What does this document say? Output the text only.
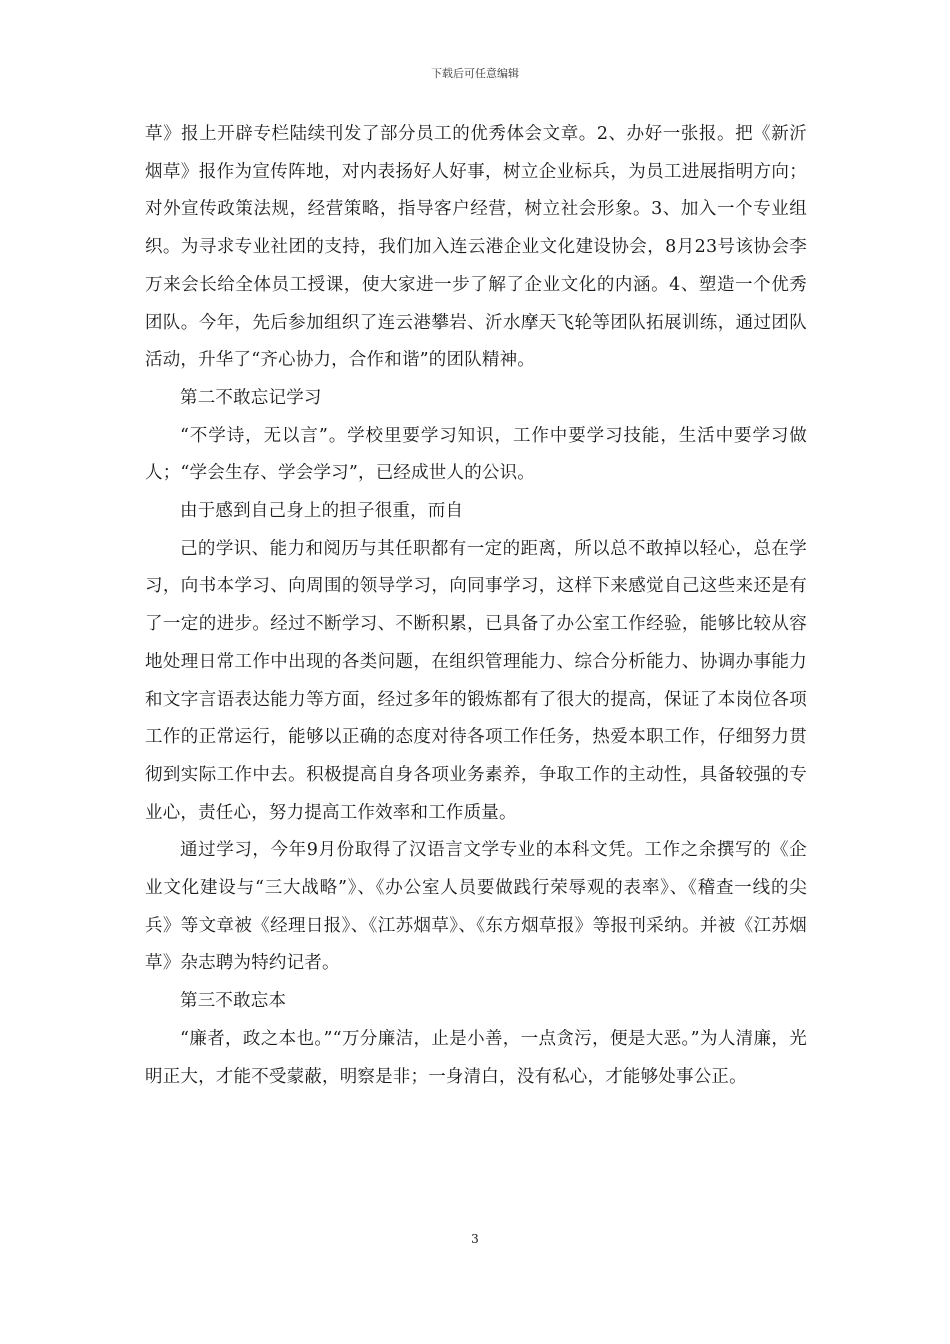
下载后可任意编辑

草》报上开辟专栏陆续刊发了部分员工的优秀体会文章。2、办好一张报。把《新沂烟草》报作为宣传阵地，对内表扬好人好事，树立企业标兵，为员工进展指明方向；对外宣传政策法规，经营策略，指导客户经营，树立社会形象。3、加入一个专业组织。为寻求专业社团的支持，我们加入连云港企业文化建设协会，8月23号该协会李万来会长给全体员工授课，使大家进一步了解了企业文化的内涵。4、塑造一个优秀团队。今年，先后参加组织了连云港攀岩、沂水摩天飞轮等团队拓展训练，通过团队活动，升华了“齐心协力，合作和谐”的团队精神。

第二不敢忘记学习

“不学诗，无以言”。学校里要学习知识，工作中要学习技能，生活中要学习做人；“学会生存、学会学习”，已经成世人的公识。

由于感到自己身上的担子很重，而自

己的学识、能力和阅历与其任职都有一定的距离，所以总不敢掉以轻心，总在学习，向书本学习、向周围的领导学习，向同事学习，这样下来感觉自己这些来还是有了一定的进步。经过不断学习、不断积累，已具备了办公室工作经验，能够比较从容地处理日常工作中出现的各类问题，在组织管理能力、综合分析能力、协调办事能力和文字言语表达能力等方面，经过多年的锻炼都有了很大的提高，保证了本岗位各项工作的正常运行，能够以正确的态度对待各项工作任务，热爱本职工作，仔细努力贯彻到实际工作中去。积极提高自身各项业务素养，争取工作的主动性，具备较强的专业心，责任心，努力提高工作效率和工作质量。

通过学习，今年9月份取得了汉语言文学专业的本科文凭。工作之余撰写的《企业文化建设与“三大战略”》、《办公室人员要做践行荣辱观的表率》、《稽查一线的尖兵》等文章被《经理日报》、《江苏烟草》、《东方烟草报》等报刊采纳。并被《江苏烟草》杂志聘为特约记者。

第三不敢忘本

“廉者，政之本也。”“万分廉洁，止是小善，一点贪污，便是大恶。”为人清廉，光明正大，才能不受蒙蔽，明察是非；一身清白，没有私心，才能够处事公正。

3
